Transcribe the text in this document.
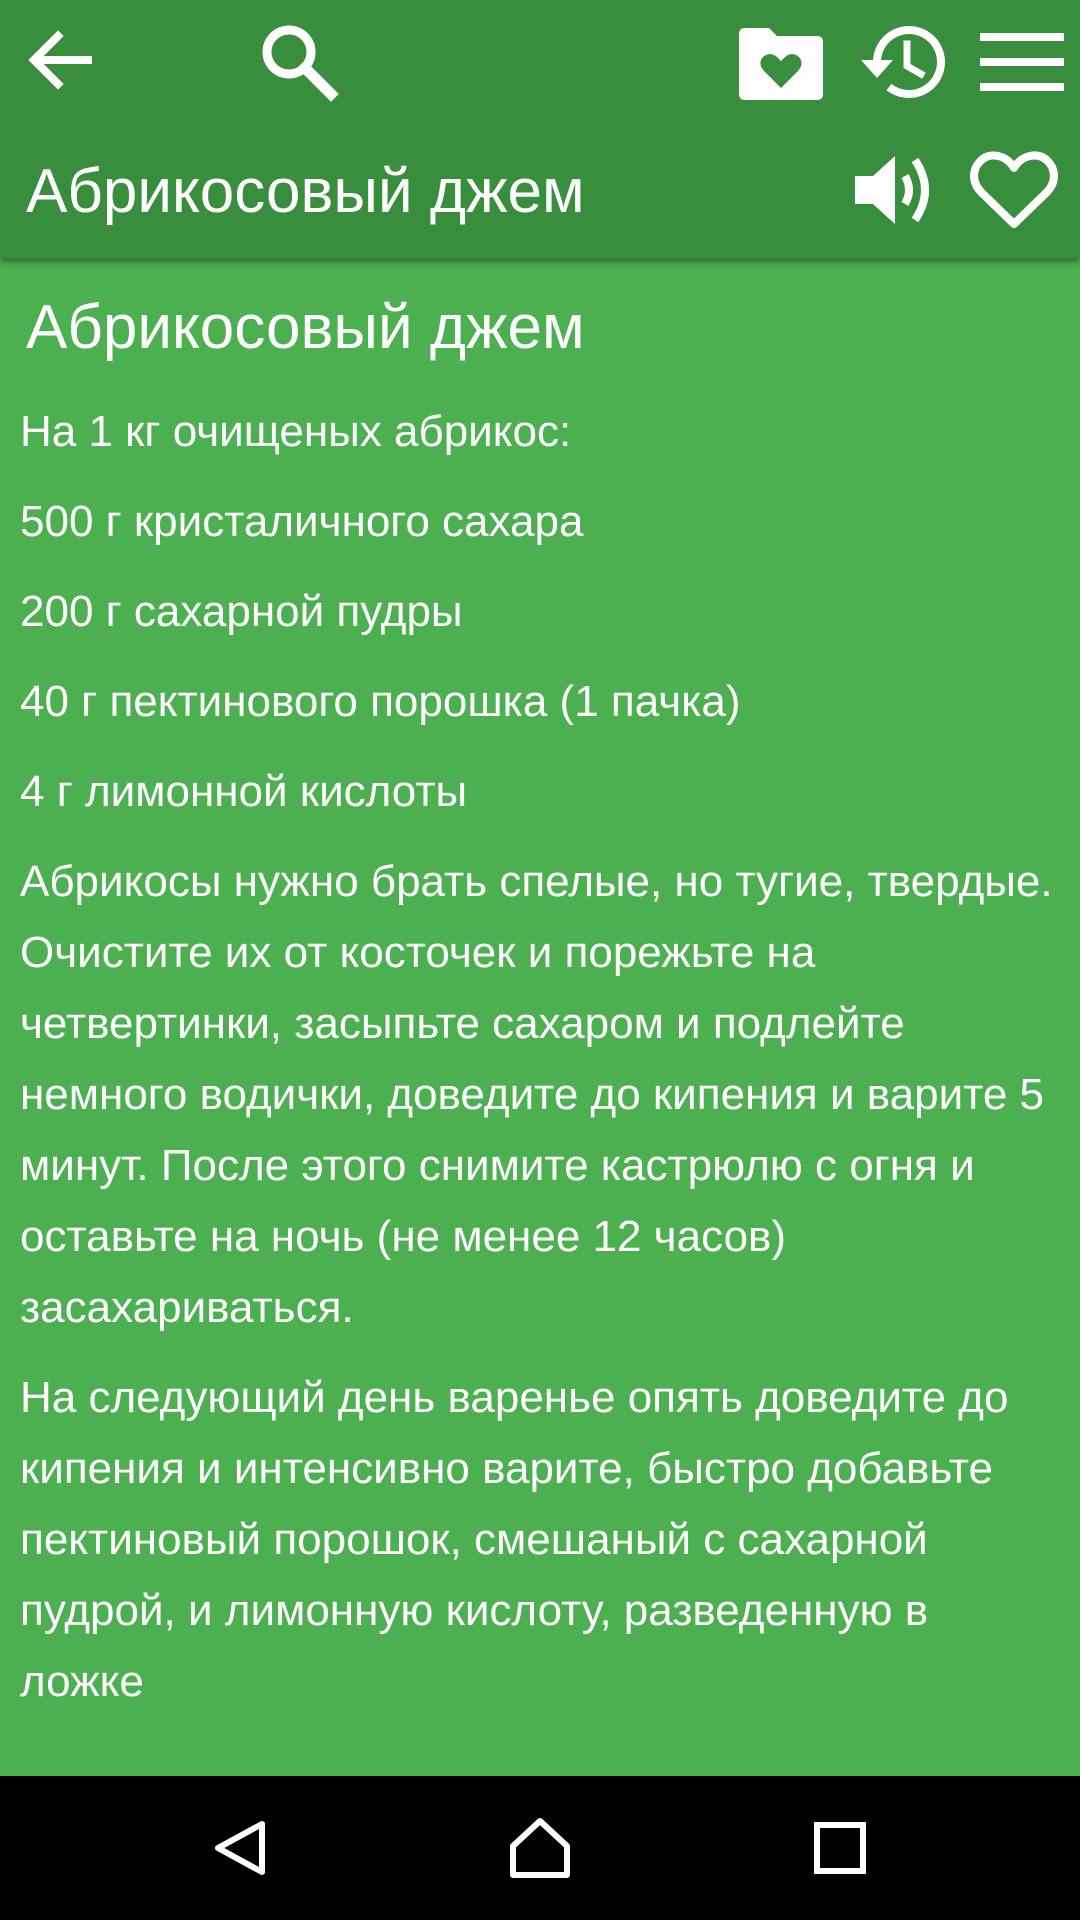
Абрикосовый джем
Абрикосовый джем

На 1 кг очищеных абрикос:

500 г кристаличного сахара

200 г сахарной пудры

40 г пектинового порошка (1 пачка)

4 г лимонной кислоты

Абрикосы нужно брать спелые, но тугие, твердые. Очистите их от косточек и порежьте на четвертинки, засыпьте сахаром и подлейте немного водички, доведите до кипения и варите 5 минут. После этого снимите кастрюлю с огня и оставьте на ночь (не менее 12 часов) засахариваться.

На следующий день варенье опять доведите до кипения и интенсивно варите, быстро добавьте пектиновый порошок, смешаный с сахарной пудрой, и лимонную кислоту, разведенную в ложке
